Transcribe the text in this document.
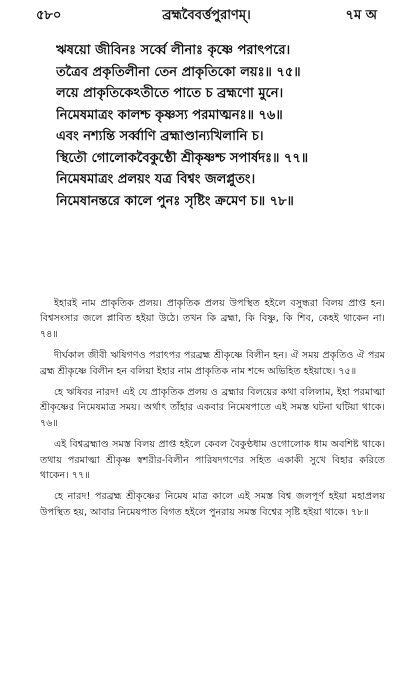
৫৮০	ব্রহ্মবৈবর্ত্তপুরাণম্।	৭ম অ
ঋষয়ো জীবিনঃ সর্ব্বে লীনাঃ কৃষ্ণে পরাৎপরে।
তত্রৈব প্রকৃতিলীনা তেন প্রাকৃতিকো লয়ঃ॥ ৭৫॥
লয়ে প্রাকৃতিকেঽতীতে পাতে চ ব্রহ্মণো মুনে।
নিমেষমাত্রং কালশ্চ কৃষ্ণস্য পরমাত্মনঃ॥ ৭৬॥
এবং নশ্যন্তি সর্ব্বাণি ব্রহ্মাণ্ডান্যখিলানি চ।
স্থিতৌ গোলোকবৈকুণ্ঠৌ শ্রীকৃষ্ণশ্চ সপার্ষদঃ॥ ৭৭॥
নিমেষমাত্রং প্রলয়ং যত্র বিশ্বং জলপ্লুতং।
নিমেষানন্তরে কালে পুনঃ সৃষ্টিং ক্রমেণ চ॥ ৭৮॥

ইহারই নাম প্রাকৃতিক প্রলয়। প্রাকৃতিক প্রলয় উপস্থিত হইলে বসুন্ধরা বিলয় প্রাপ্ত হন। বিশ্বসংসার জলে প্লাবিত হইয়া উঠে। তখন কি ব্রহ্মা, কি বিষ্ণু, কি শিব, কেহই থাকেন না। ৭৪॥

দীর্ঘকাল জীবী ঋষিগণও পরাৎপর পরব্রহ্ম শ্রীকৃষ্ণে বিলীন হন। ঐ সময় প্রকৃতিও ঐ পরম ব্রহ্ম শ্রীকৃষ্ণে বিলীন হন বলিয়া ইহার নাম প্রাকৃতিক নাম শব্দে অভিহিত হইয়াছে। ৭৫॥

হে ঋষিবর নারদ! এই যে প্রাকৃতিক প্রলয় ও ব্রহ্মার বিলয়ের কথা বলিলাম, ইহা পরমাত্মা শ্রীকৃষ্ণের নিমেষমাত্র সময়। অর্থাৎ তাঁহার একবার নিমেষপাতে এই সমস্ত ঘটনা ঘটিয়া থাকে। ৭৬॥

এই বিশ্বব্রহ্মাণ্ড সমস্ত বিলয় প্রাপ্ত হইলে কেবল বৈকুণ্ঠধাম ওগোলোক ধাম অবশিষ্ট থাকে। তথায় পরমাত্মা শ্রীকৃষ্ণ স্বশরীর-বিলীন পারিষদগণের সহিত একাকী সুখে বিহার করিতে থাকেন। ৭৭॥

হে নারদ! পরব্রহ্ম শ্রীকৃষ্ণের নিমেষ মাত্র কালে এই সমস্ত বিশ্ব জলপূর্ণ হইয়া মহাপ্রলয় উপস্থিত হয়, আবার নিমেষপাত বিগত হইলে পুনরায় সমস্ত বিশ্বের সৃষ্টি হইয়া থাকে। ৭৮॥
